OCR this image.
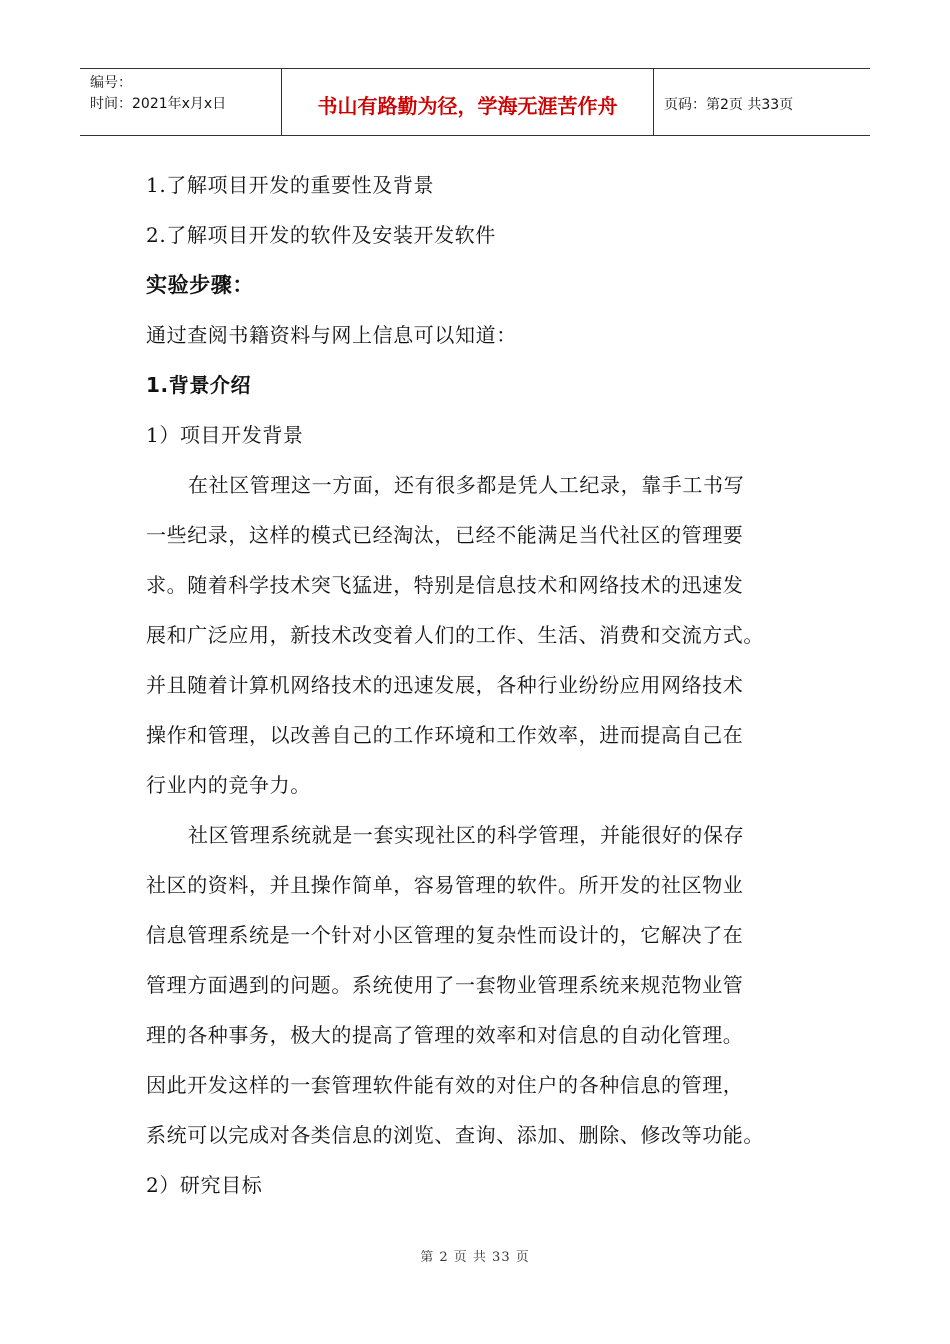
编号：
时间：2021年x月x日	书山有路勤为径，学海无涯苦作舟	页码：第2页 共33页
1.了解项目开发的重要性及背景
2.了解项目开发的软件及安装开发软件
实验步骤：
通过查阅书籍资料与网上信息可以知道：
1.背景介绍
1）项目开发背景
在社区管理这一方面，还有很多都是凭人工纪录，靠手工书写
一些纪录，这样的模式已经淘汰，已经不能满足当代社区的管理要
求。随着科学技术突飞猛进，特别是信息技术和网络技术的迅速发
展和广泛应用，新技术改变着人们的工作、生活、消费和交流方式。
并且随着计算机网络技术的迅速发展，各种行业纷纷应用网络技术
操作和管理，以改善自己的工作环境和工作效率，进而提高自己在
行业内的竞争力。
社区管理系统就是一套实现社区的科学管理，并能很好的保存
社区的资料，并且操作简单，容易管理的软件。所开发的社区物业
信息管理系统是一个针对小区管理的复杂性而设计的，它解决了在
管理方面遇到的问题。系统使用了一套物业管理系统来规范物业管
理的各种事务，极大的提高了管理的效率和对信息的自动化管理。
因此开发这样的一套管理软件能有效的对住户的各种信息的管理，
系统可以完成对各类信息的浏览、查询、添加、删除、修改等功能。
2）研究目标
第 2 页 共 33 页
